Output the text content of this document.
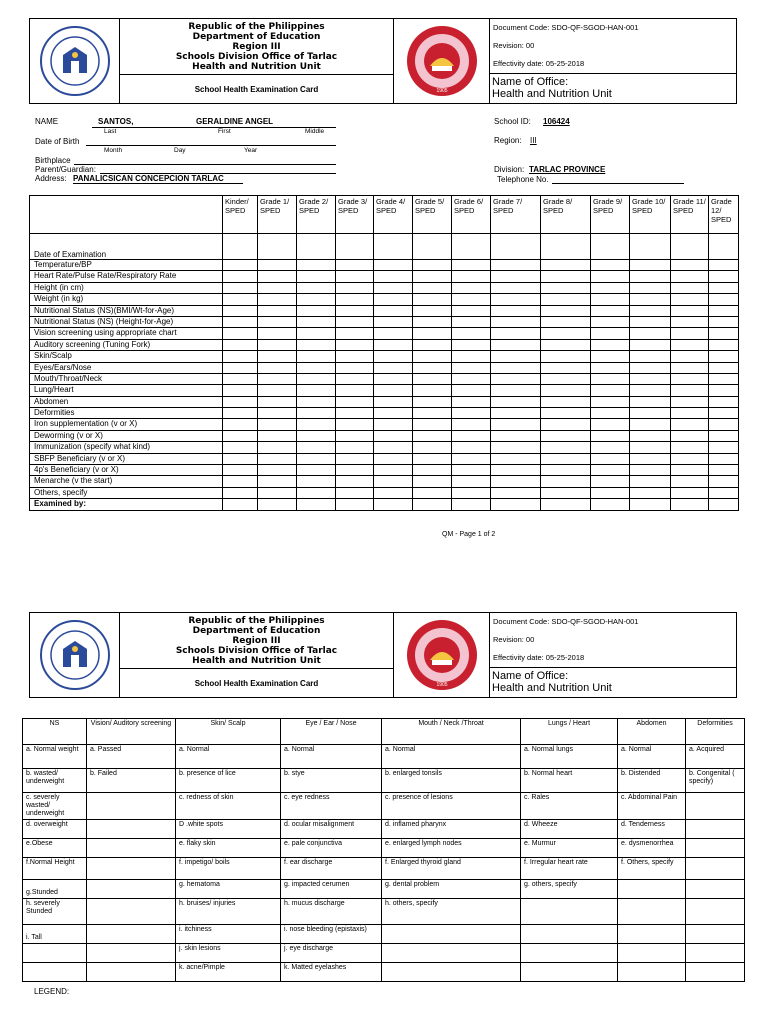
Republic of the Philippines
Department of Education
Region III
Schools Division Office of Tarlac
Health and Nutrition Unit
School Health Examination Card	1905
Document Code: SDO-QF-SGOD-HAN-001
Revision: 00
Effectivity date: 05-25-2018
Name of Office:
Health and Nutrition Unit
NAME	SANTOS,	GERALDINE ANGEL
Last	First	Middle
Date of Birth
Month	Day	Year
Birthplace
Parent/Guardian:
Address: PANALICSICAN CONCEPCION TARLAC
School ID: 106424
Region: III
Division: TARLAC PROVINCE
Telephone No.
	Kinder/ SPED	Grade 1/ SPED	Grade 2/ SPED	Grade 3/ SPED	Grade 4/ SPED	Grade 5/ SPED	Grade 6/ SPED	Grade 7/ SPED	Grade 8/ SPED	Grade 9/ SPED	Grade 10/ SPED	Grade 11/ SPED	Grade 12/ SPED
Date of Examination													
Temperature/BP													
Heart Rate/Pulse Rate/Respiratory Rate													
Height (in cm)													
Weight (in kg)													
Nutritional Status (NS)(BMI/Wt-for-Age)													
Nutritional Status (NS) (Height-for-Age)													
Vision screening using appropriate chart													
Auditory screening (Tuning Fork)													
Skin/Scalp													
Eyes/Ears/Nose													
Mouth/Throat/Neck													
Lung/Heart													
Abdomen													
Deformities													
Iron supplementation (v or X)													
Deworming (v or X)													
Immunization (specify what kind)													
SBFP Beneficiary (v or X)													
4p's Beneficiary (v or X)													
Menarche (v the start)													
Others, specify													
Examined by:													
QM - Page 1 of 2
Republic of the Philippines
Department of Education
Region III
Schools Division Office of Tarlac
Health and Nutrition Unit
School Health Examination Card	1905
Document Code: SDO-QF-SGOD-HAN-001
Revision: 00
Effectivity date: 05-25-2018
Name of Office:
Health and Nutrition Unit
NS	Vision/ Auditory screening	Skin/ Scalp	Eye / Ear / Nose	Mouth / Neck /Throat	Lungs / Heart	Abdomen	Deformities
a. Normal weight	a. Passed	a. Normal	a. Normal	a. Normal	a. Normal lungs	a. Normal	a. Acquired
b. wasted/ underweight	b. Failed	b. presence of lice	b. stye	b. enlarged tonsils	b. Normal heart	b. Distended	b. Congenital ( specify)
c. severely wasted/ underweight		c. redness of skin	c. eye redness	c. presence of lesions	c. Rales	c. Abdominal Pain	
d. overweight		D .white spots	d. ocular misalignment	d. inflamed pharynx	d. Wheeze	d. Tenderness	
e.Obese		e. flaky skin	e. pale conjunctiva	e. enlarged lymph nodes	e. Murmur	e. dysmenorrhea	
f.Normal Height		f. impetigo/ boils	f. ear discharge	f. Enlarged thyroid gland	f. Irregular heart rate	f. Others, specify	
g.Stunded		g. hematoma	g. impacted cerumen	g. dental problem	g. others, specify		
h. severely Stunded		h. bruises/ injuries	h. mucus discharge	h. others, specify			
i. Tall		i. itchiness	i. nose bleeding (epistaxis)				
		j. skin lesions	j. eye discharge				
		k. acne/Pimple	k. Matted eyelashes				
LEGEND:
